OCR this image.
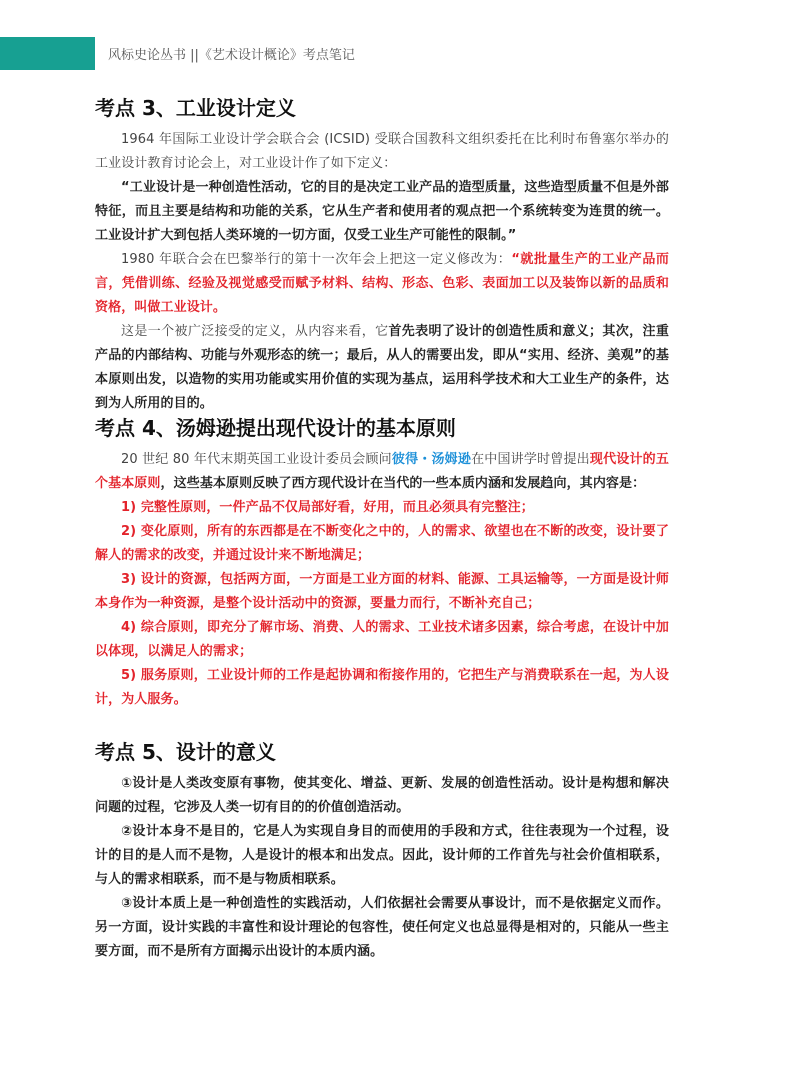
风标史论丛书 ||《艺术设计概论》考点笔记
考点 3、工业设计定义

1964 年国际工业设计学会联合会 (ICSID) 受联合国教科文组织委托在比利时布鲁塞尔举办的工业设计教育讨论会上，对工业设计作了如下定义：

“工业设计是一种创造性活动，它的目的是决定工业产品的造型质量，这些造型质量不但是外部特征，而且主要是结构和功能的关系，它从生产者和使用者的观点把一个系统转变为连贯的统一。工业设计扩大到包括人类环境的一切方面，仅受工业生产可能性的限制。”

1980 年联合会在巴黎举行的第十一次年会上把这一定义修改为：“就批量生产的工业产品而言，凭借训练、经验及视觉感受而赋予材料、结构、形态、色彩、表面加工以及装饰以新的品质和资格，叫做工业设计。

这是一个被广泛接受的定义，从内容来看，它首先表明了设计的创造性质和意义；其次，注重产品的内部结构、功能与外观形态的统一；最后，从人的需要出发，即从“实用、经济、美观”的基本原则出发，以造物的实用功能或实用价值的实现为基点，运用科学技术和大工业生产的条件，达到为人所用的目的。

考点 4、汤姆逊提出现代设计的基本原则

20 世纪 80 年代末期英国工业设计委员会顾问彼得・汤姆逊在中国讲学时曾提出现代设计的五个基本原则，这些基本原则反映了西方现代设计在当代的一些本质内涵和发展趋向，其内容是：

1) 完整性原则，一件产品不仅局部好看，好用，而且必须具有完整注；

2) 变化原则，所有的东西都是在不断变化之中的，人的需求、欲望也在不断的改变，设计要了解人的需求的改变，并通过设计来不断地满足；

3) 设计的资源，包括两方面，一方面是工业方面的材料、能源、工具运输等，一方面是设计师本身作为一种资源，是整个设计活动中的资源，要量力而行，不断补充自己；

4) 综合原则，即充分了解市场、消费、人的需求、工业技术诸多因素，综合考虑，在设计中加以体现，以满足人的需求；

5) 服务原则，工业设计师的工作是起协调和衔接作用的，它把生产与消费联系在一起，为人设计，为人服务。

考点 5、设计的意义

①设计是人类改变原有事物，使其变化、增益、更新、发展的创造性活动。设计是构想和解决问题的过程，它涉及人类一切有目的的价值创造活动。

②设计本身不是目的，它是人为实现自身目的而使用的手段和方式，往往表现为一个过程，设计的目的是人而不是物，人是设计的根本和出发点。因此，设计师的工作首先与社会价值相联系，与人的需求相联系，而不是与物质相联系。

③设计本质上是一种创造性的实践活动，人们依据社会需要从事设计，而不是依据定义而作。另一方面，设计实践的丰富性和设计理论的包容性，使任何定义也总显得是相对的，只能从一些主要方面，而不是所有方面揭示出设计的本质内涵。
